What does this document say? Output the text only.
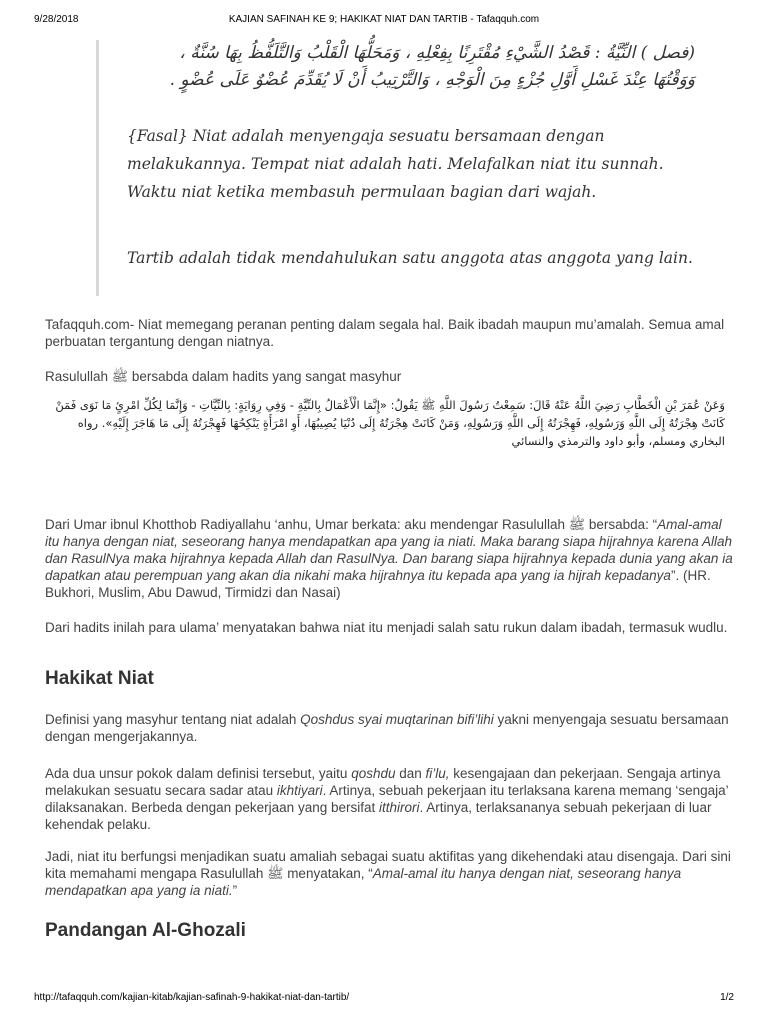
9/28/2018	KAJIAN SAFINAH KE 9; HAKIKAT NIAT DAN TARTIB - Tafaqquh.com
(فصل ) النِّيَّةُ : قَصْدُ الشَّيْءِ مُقْتَرِنًا بِفِعْلِهِ ، وَمَحَلُّهَا الْقَلْبُ وَالتَّلَفُّظُ بِهَا سُنَّةٌ ،
وَوَقْتُهَا عِنْدَ غَسْلِ أَوَّلِ جُزْءٍ مِنَ الْوَجْهِ ، وَالتَّرْتِيبُ أَنْ لَا يُقَدِّمَ عُضْوٌ عَلَى عُضْوٍ .

{Fasal} Niat adalah menyengaja sesuatu bersamaan dengan melakukannya. Tempat niat adalah hati. Melafalkan niat itu sunnah. Waktu niat ketika membasuh permulaan bagian dari wajah.

Tartib adalah tidak mendahulukan satu anggota atas anggota yang lain.

Tafaqquh.com- Niat memegang peranan penting dalam segala hal. Baik ibadah maupun mu’amalah. Semua amal perbuatan tergantung dengan niatnya.

Rasulullah ﷺ bersabda dalam hadits yang sangat masyhur

وَعَنْ عُمَرَ بْنِ الْخَطَّابِ رَضِيَ اللَّهُ عَنْهُ قَالَ: سَمِعْتُ رَسُولَ اللَّهِ ﷺ يَقُولُ: «إِنَّمَا الْأَعْمَالُ بِالنِّيَّةِ - وَفِي رِوَايَةٍ: بِالنِّيَّاتِ - وَإِنَّمَا لِكُلِّ امْرِئٍ مَا نَوَى فَمَنْ كَانَتْ هِجْرَتُهُ إِلَى اللَّهِ وَرَسُولِهِ، فَهِجْرَتُهُ إِلَى اللَّهِ وَرَسُولِهِ، وَمَنْ كَانَتْ هِجْرَتُهُ إِلَى دُنْيَا يُصِيبُهَا، أَوِ امْرَأَةٍ يَنْكِحُهَا فَهِجْرَتُهُ إِلَى مَا هَاجَرَ إِلَيْهِ». رواه البخاري ومسلم، وأبو داود والترمذي والنسائي

Dari Umar ibnul Khotthob Radiyallahu ‘anhu, Umar berkata: aku mendengar Rasulullah ﷺ bersabda: “Amal-amal itu hanya dengan niat, seseorang hanya mendapatkan apa yang ia niati. Maka barang siapa hijrahnya karena Allah dan RasulNya maka hijrahnya kepada Allah dan RasulNya. Dan barang siapa hijrahnya kepada dunia yang akan ia dapatkan atau perempuan yang akan dia nikahi maka hijrahnya itu kepada apa yang ia hijrah kepadanya”. (HR. Bukhori, Muslim, Abu Dawud, Tirmidzi dan Nasai)

Dari hadits inilah para ulama’ menyatakan bahwa niat itu menjadi salah satu rukun dalam ibadah, termasuk wudlu.

Hakikat Niat

Definisi yang masyhur tentang niat adalah Qoshdus syai muqtarinan bifi’lihi yakni menyengaja sesuatu bersamaan dengan mengerjakannya.

Ada dua unsur pokok dalam definisi tersebut, yaitu qoshdu dan fi’lu, kesengajaan dan pekerjaan. Sengaja artinya melakukan sesuatu secara sadar atau ikhtiyari. Artinya, sebuah pekerjaan itu terlaksana karena memang ‘sengaja’ dilaksanakan. Berbeda dengan pekerjaan yang bersifat itthirori. Artinya, terlaksananya sebuah pekerjaan di luar kehendak pelaku.

Jadi, niat itu berfungsi menjadikan suatu amaliah sebagai suatu aktifitas yang dikehendaki atau disengaja. Dari sini kita memahami mengapa Rasulullah ﷺ menyatakan, “Amal-amal itu hanya dengan niat, seseorang hanya mendapatkan apa yang ia niati.”

Pandangan Al-Ghozali
http://tafaqquh.com/kajian-kitab/kajian-safinah-9-hakikat-niat-dan-tartib/	1/2
